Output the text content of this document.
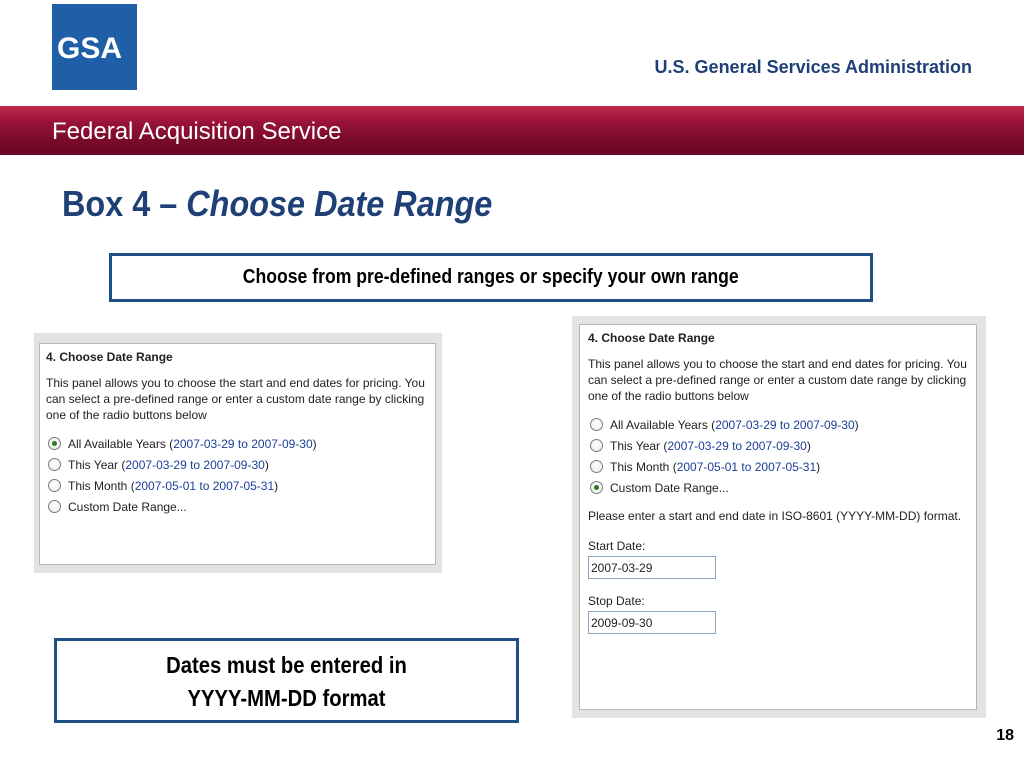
GSA
U.S. General Services Administration
Federal Acquisition Service
Box 4 – Choose Date Range
Choose from pre-defined ranges or specify your own range
4. Choose Date Range
This panel allows you to choose the start and end dates for pricing. You can select a pre-defined range or enter a custom date range by clicking one of the radio buttons below
All Available Years ( 2007-03-29 to 2007-09-30 )
This Year ( 2007-03-29 to 2007-09-30 )
This Month ( 2007-05-01 to 2007-05-31 )
Custom Date Range...
4. Choose Date Range
This panel allows you to choose the start and end dates for pricing. You can select a pre-defined range or enter a custom date range by clicking one of the radio buttons below
All Available Years ( 2007-03-29 to 2007-09-30 )
This Year ( 2007-03-29 to 2007-09-30 )
This Month ( 2007-05-01 to 2007-05-31 )
Custom Date Range...
Please enter a start and end date in ISO-8601 (YYYY-MM-DD) format.
Start Date:
2007-03-29
Stop Date:
2009-09-30
Dates must be entered in
YYYY-MM-DD format
18
